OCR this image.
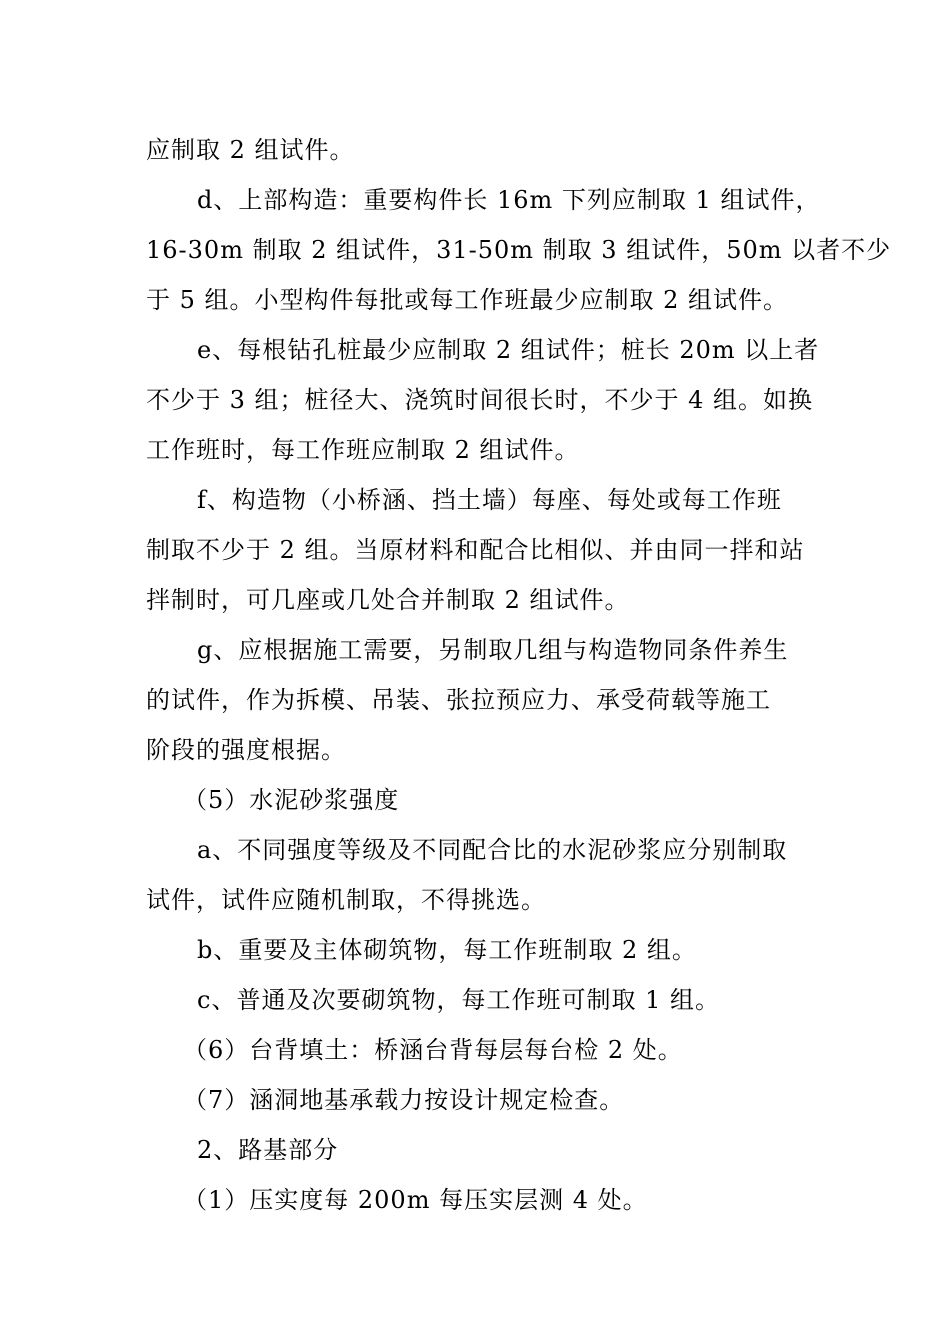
应制取 2 组试件。
d、上部构造：重要构件长 16m 下列应制取 1 组试件，
16-30m 制取 2 组试件，31-50m 制取 3 组试件，50m 以者不少
于 5 组。小型构件每批或每工作班最少应制取 2 组试件。
e、每根钻孔桩最少应制取 2 组试件；桩长 20m 以上者
不少于 3 组；桩径大、浇筑时间很长时，不少于 4 组。如换
工作班时，每工作班应制取 2 组试件。
f、构造物（小桥涵、挡土墙）每座、每处或每工作班
制取不少于 2 组。当原材料和配合比相似、并由同一拌和站
拌制时，可几座或几处合并制取 2 组试件。
g、应根据施工需要，另制取几组与构造物同条件养生
的试件，作为拆模、吊装、张拉预应力、承受荷载等施工
阶段的强度根据。
（5）水泥砂浆强度
a、不同强度等级及不同配合比的水泥砂浆应分别制取
试件，试件应随机制取，不得挑选。
b、重要及主体砌筑物，每工作班制取 2 组。
c、普通及次要砌筑物，每工作班可制取 1 组。
（6）台背填土：桥涵台背每层每台检 2 处。
（7）涵洞地基承载力按设计规定检查。
2、路基部分
（1）压实度每 200m 每压实层测 4 处。
